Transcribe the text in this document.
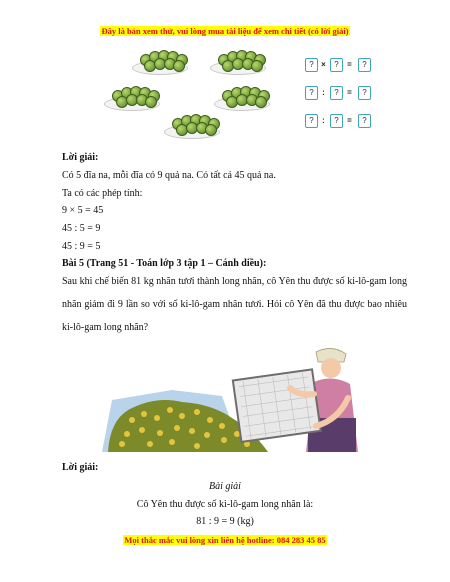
Đây là bản xem thử, vui lòng mua tài liệu để xem chi tiết (có lời giải)
? ×	?	=	?
?	:	?	=	?
?	:	?	=	?
Lời giải:
Có 5 đĩa na, mỗi đĩa có 9 quả na. Có tất cả 45 quả na.
Ta có các phép tính:
9 × 5 = 45
45 : 5 = 9
45 : 9 = 5
Bài 5 (Trang 51 - Toán lớp 3 tập 1 – Cánh diều):
Sau khi chế biến 81 kg nhãn tươi thành long nhãn, cô Yên thu được số ki-lô-gam long nhãn giảm đi 9 lần so với số ki-lô-gam nhãn tươi. Hỏi cô Yên đã thu được bao nhiêu ki-lô-gam long nhãn?
Lời giải:
Bài giải
Cô Yên thu được số ki-lô-gam long nhãn là:
81 : 9 = 9 (kg)
Mọi thắc mắc vui lòng xin liên hệ hotline: 084 283 45 85
